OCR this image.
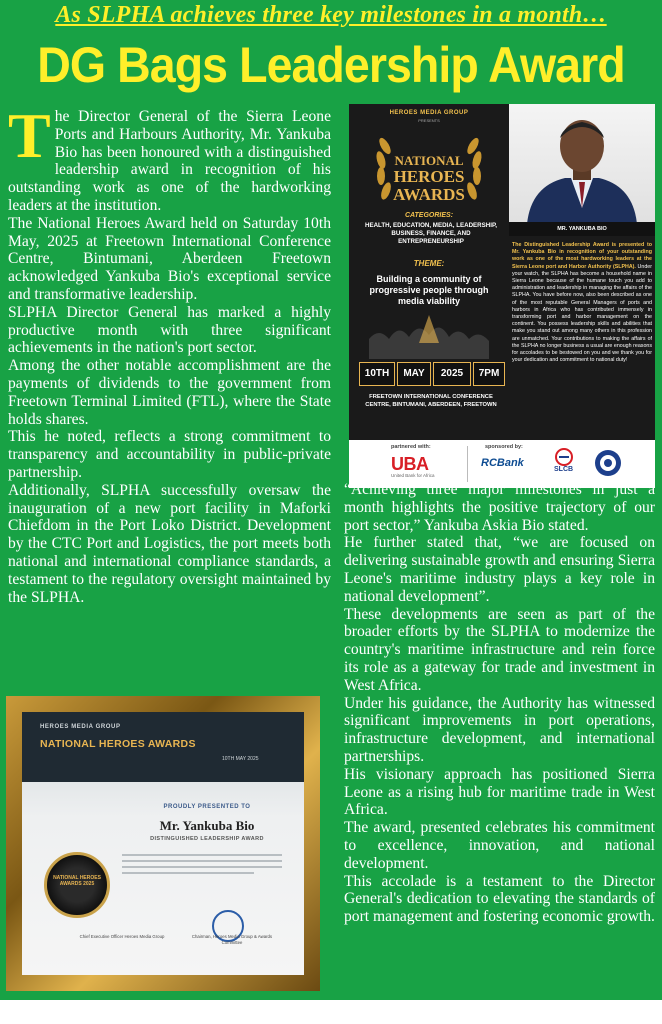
As SLPHA achieves three key milestones in a month…
DG Bags Leadership Award

The Director General of the Sierra Leone Ports and Harbours Authority, Mr. Yankuba Bio has been honoured with a distinguished leadership award in recognition of his outstanding work as one of the hardworking leaders at the institution.

The National Heroes Award held on Saturday 10th May, 2025 at Freetown International Conference Centre, Bintumani, Aberdeen Freetown acknowledged Yankuba Bio's exceptional service and transformative leadership.

SLPHA Director General has marked a highly productive month with three significant achievements in the nation's port sector.

Among the other notable accomplishment are the payments of dividends to the government from Freetown Terminal Limited (FTL), where the State holds shares.

This he noted, reflects a strong commitment to transparency and accountability in public-private partnership.

Additionally, SLPHA successfully oversaw the inauguration of a new port facility in Maforki Chiefdom in the Port Loko District. Development by the CTC Port and Logistics, the port meets both national and international compliance standards, a testament to the regulatory oversight maintained by the SLPHA.

HEROES MEDIA GROUP
PRESENTS
NATIONAL
HEROES AWARDS
CATEGORIES:
HEALTH, EDUCATION, MEDIA, LEADERSHIP, BUSINESS, FINANCE, AND ENTREPRENEURSHIP
THEME:
Building a community of progressive people through media viability
10TH	MAY	2025	7PM
FREETOWN INTERNATIONAL CONFERENCE CENTRE, BINTUMANI, ABERDEEN, FREETOWN
MR. YANKUBA BIO
The Distinguished Leadership Award is presented to Mr. Yankuba Bio in recognition of your outstanding work as one of the most hardworking leaders at the Sierra Leone port and Harbor Authority (SLPHA). Under your watch, the SLPHA has become a household name in Sierra Leone because of the humane touch you add to administration and leadership in managing the affairs of the SLPHA. You have before now, also been described as one of the most reputable General Managers of ports and harbors in Africa who has contributed immensely in transforming port and harbor management on the continent. You possess leadership skills and abilities that make you stand out among many others in this profession are unmatched. Your contributions to making the affairs of the SLPHA no longer business a usual are enough reasons for accolades to be bestowed on you and we thank you for your dedication and commitment to national duty!
partnered with:
UBA
United Bank for Africa
sponsored by:
RCBank
SLCB

“Achieving three major milestones in just a month highlights the positive trajectory of our port sector,” Yankuba Askia Bio stated.

He further stated that, “we are focused on delivering sustainable growth and ensuring Sierra Leone's maritime industry plays a key role in national development”.

These developments are seen as part of the broader efforts by the SLPHA to modernize the country's maritime infrastructure and rein force its role as a gateway for trade and investment in West Africa.

Under his guidance, the Authority has witnessed significant improvements in port operations, infrastructure development, and international partnerships.

His visionary approach has positioned Sierra Leone as a rising hub for maritime trade in West Africa.

The award, presented celebrates his commitment to excellence, innovation, and national development.

This accolade is a testament to the Director General's dedication to elevating the standards of port management and fostering economic growth.

HEROES MEDIA GROUP
NATIONAL HEROES AWARDS
10TH MAY 2025
PROUDLY PRESENTED TO
Mr. Yankuba Bio
DISTINGUISHED LEADERSHIP AWARD
NATIONAL HEROES AWARDS 2025
Chief Executive Officer Heroes Media Group	Chairman, Heroes Media Group & Awards Committee
